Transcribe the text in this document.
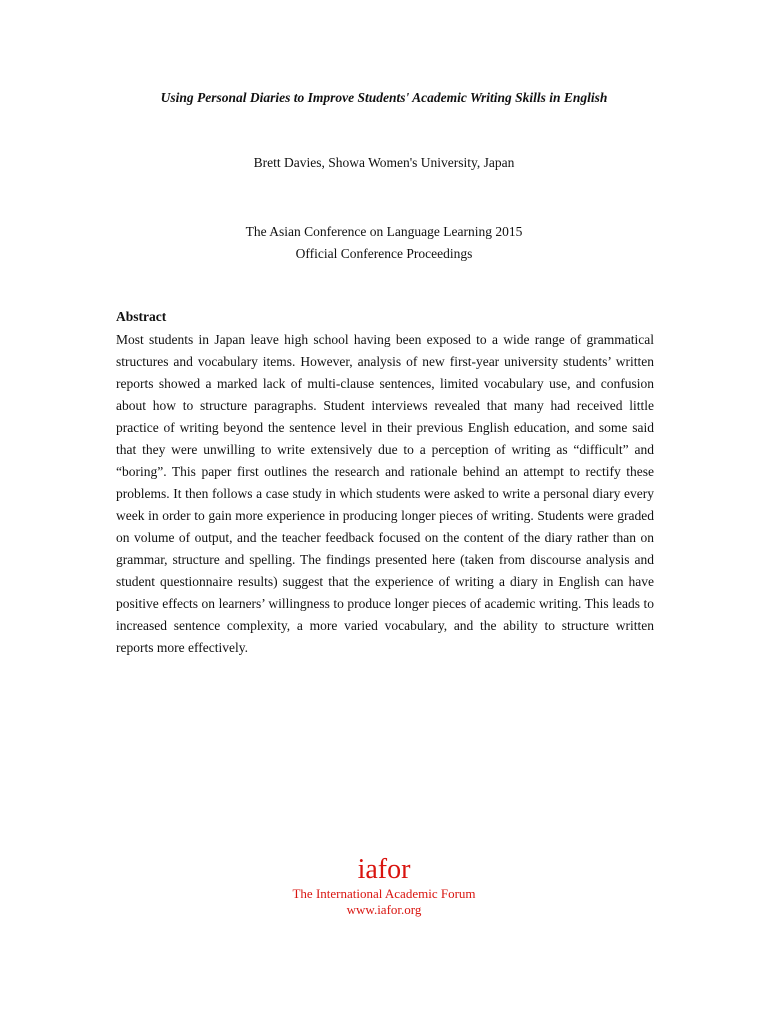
Using Personal Diaries to Improve Students' Academic Writing Skills in English
Brett Davies, Showa Women's University, Japan
The Asian Conference on Language Learning 2015
Official Conference Proceedings
Abstract

Most students in Japan leave high school having been exposed to a wide range of grammatical structures and vocabulary items. However, analysis of new first-year university students’ written reports showed a marked lack of multi-clause sentences, limited vocabulary use, and confusion about how to structure paragraphs. Student interviews revealed that many had received little practice of writing beyond the sentence level in their previous English education, and some said that they were unwilling to write extensively due to a perception of writing as “difficult” and “boring”. This paper first outlines the research and rationale behind an attempt to rectify these problems. It then follows a case study in which students were asked to write a personal diary every week in order to gain more experience in producing longer pieces of writing. Students were graded on volume of output, and the teacher feedback focused on the content of the diary rather than on grammar, structure and spelling. The findings presented here (taken from discourse analysis and student questionnaire results) suggest that the experience of writing a diary in English can have positive effects on learners’ willingness to produce longer pieces of academic writing. This leads to increased sentence complexity, a more varied vocabulary, and the ability to structure written reports more effectively.

iafor
The International Academic Forum
www.iafor.org
